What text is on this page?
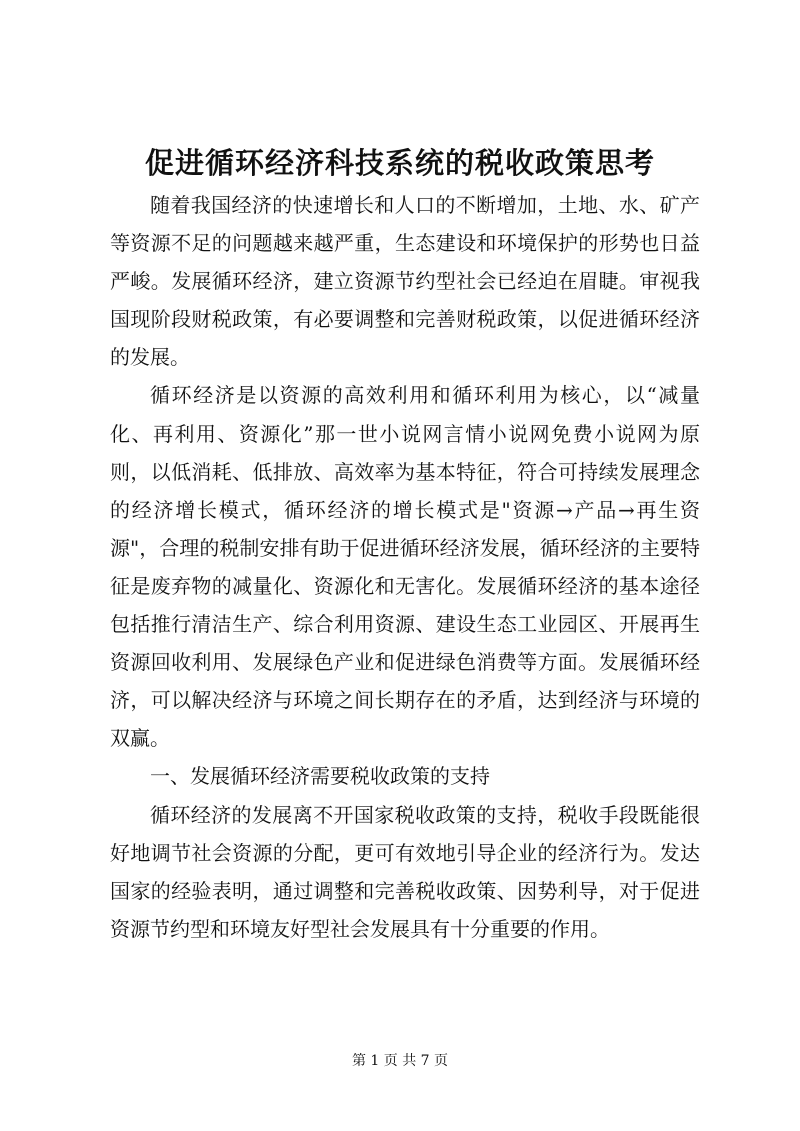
促进循环经济科技系统的税收政策思考

随着我国经济的快速增长和人口的不断增加，土地、水、矿产等资源不足的问题越来越严重，生态建设和环境保护的形势也日益严峻。发展循环经济，建立资源节约型社会已经迫在眉睫。审视我国现阶段财税政策，有必要调整和完善财税政策，以促进循环经济的发展。

循环经济是以资源的高效利用和循环利用为核心，以“减量化、再利用、资源化”那一世小说网言情小说网免费小说网为原则，以低消耗、低排放、高效率为基本特征，符合可持续发展理念的经济增长模式，循环经济的增长模式是"资源→产品→再生资源"，合理的税制安排有助于促进循环经济发展，循环经济的主要特征是废弃物的减量化、资源化和无害化。发展循环经济的基本途径包括推行清洁生产、综合利用资源、建设生态工业园区、开展再生资源回收利用、发展绿色产业和促进绿色消费等方面。发展循环经济，可以解决经济与环境之间长期存在的矛盾，达到经济与环境的双赢。

一、发展循环经济需要税收政策的支持

循环经济的发展离不开国家税收政策的支持，税收手段既能很好地调节社会资源的分配，更可有效地引导企业的经济行为。发达国家的经验表明，通过调整和完善税收政策、因势利导，对于促进资源节约型和环境友好型社会发展具有十分重要的作用。

第 1 页 共 7 页
